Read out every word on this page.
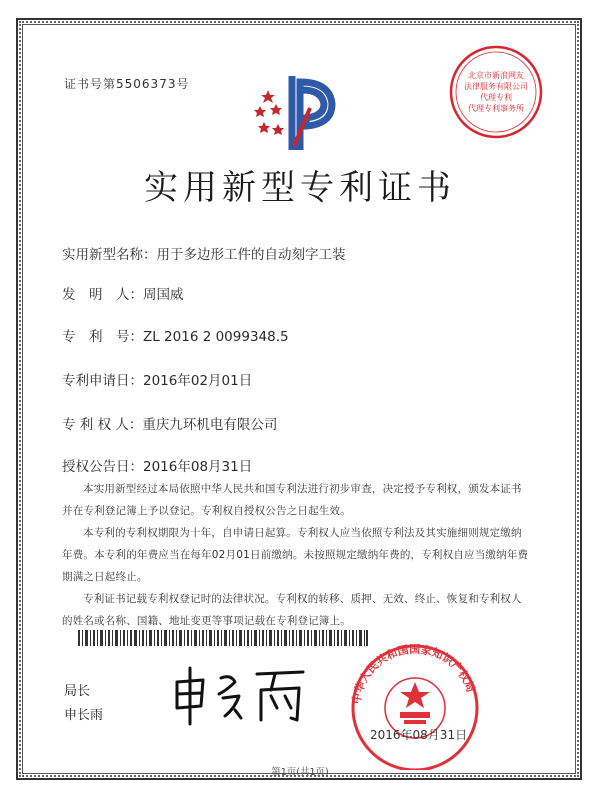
证书号第5506373号
北京市新浪网友
法律服务有限公司
代理专利
代理专利事务所
实用新型专利证书
实用新型名称：用于多边形工件的自动刻字工装
发　明　人：周国威
专　利　号：ZL 2016 2 0099348.5
专利申请日：2016年02月01日
专 利 权 人：重庆九环机电有限公司
授权公告日：2016年08月31日

本实用新型经过本局依照中华人民共和国专利法进行初步审查，决定授予专利权，颁发本证书并在专利登记簿上予以登记。专利权自授权公告之日起生效。

本专利的专利权期限为十年，自申请日起算。专利权人应当依照专利法及其实施细则规定缴纳年费。本专利的年费应当在每年02月01日前缴纳。未按照规定缴纳年费的，专利权自应当缴纳年费期满之日起终止。

专利证书记载专利权登记时的法律状况。专利权的转移、质押、无效、终止、恢复和专利权人的姓名或名称、国籍、地址变更等事项记载在专利登记簿上。

局长
申长雨
中华人民共和国国家知识产权局
2016年08月31日
第1页(共1页)
